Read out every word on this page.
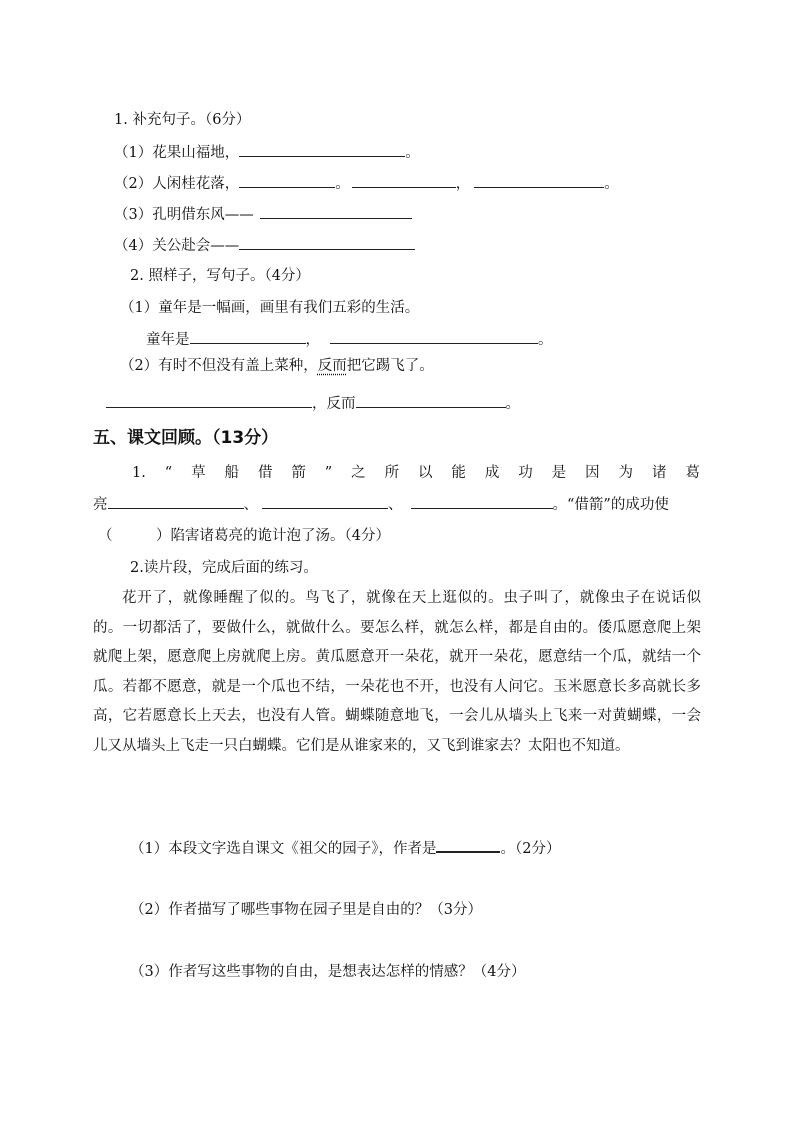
1. 补充句子。（6分）
（1）花果山福地，	。
（2）人闲桂花落，	。	，	。
（3）孔明借东风——
（4）关公赴会——
2. 照样子，写句子。（4分）
（1）童年是一幅画，画里有我们五彩的生活。
童年是	，	。
（2）有时不但没有盖上菜种，反而把它踢飞了。
，反而	。
五、课文回顾。（13分）
1. “ 草 船 借 箭 ” 之 所 以 能 成 功 是 因 为 诸 葛
亮	、	、	。“借箭”的成功使
（　　　）陷害诸葛亮的诡计泡了汤。（4分）
2.读片段，完成后面的练习。

花开了，就像睡醒了似的。鸟飞了，就像在天上逛似的。虫子叫了，就像虫子在说话似的。一切都活了，要做什么，就做什么。要怎么样，就怎么样，都是自由的。倭瓜愿意爬上架就爬上架，愿意爬上房就爬上房。黄瓜愿意开一朵花，就开一朵花，愿意结一个瓜，就结一个瓜。若都不愿意，就是一个瓜也不结，一朵花也不开，也没有人问它。玉米愿意长多高就长多高，它若愿意长上天去，也没有人管。蝴蝶随意地飞，一会儿从墙头上飞来一对黄蝴蝶，一会儿又从墙头上飞走一只白蝴蝶。它们是从谁家来的，又飞到谁家去？太阳也不知道。

（1）本段文字选自课文《祖父的园子》，作者是	。（2分）
（2）作者描写了哪些事物在园子里是自由的？（3分）
（3）作者写这些事物的自由，是想表达怎样的情感？（4分）
